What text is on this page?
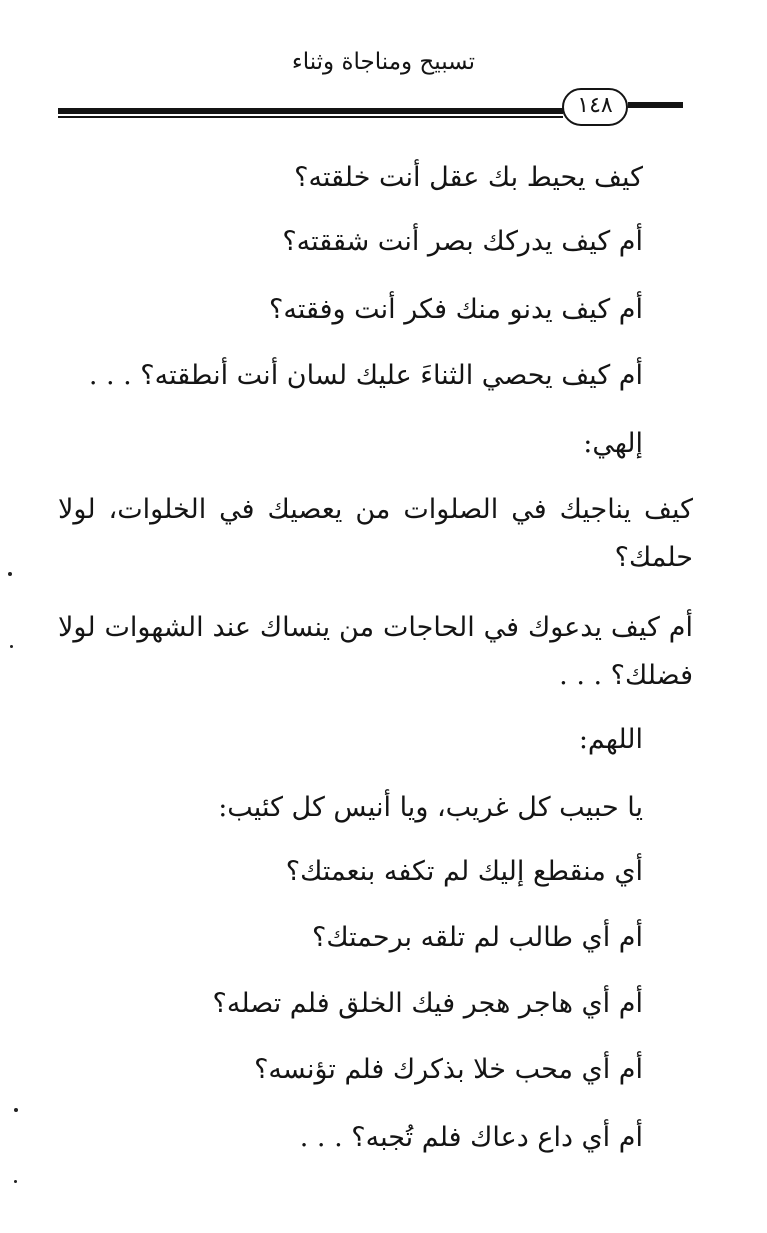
تسبيح ومناجاة وثناء
١٤٨
كيف يحيط بك عقل أنت خلقته؟
أم كيف يدركك بصر أنت شققته؟
أم كيف يدنو منك فكر أنت وفقته؟
أم كيف يحصي الثناءَ عليك لسان أنت أنطقته؟ . . .
إلهي:
كيف يناجيك في الصلوات من يعصيك في الخلوات، لولا
حلمك؟
أم كيف يدعوك في الحاجات من ينساك عند الشهوات لولا
فضلك؟ . . .
اللهم:
يا حبيب كل غريب، ويا أنيس كل كئيب:
أي منقطع إليك لم تكفه بنعمتك؟
أم أي طالب لم تلقه برحمتك؟
أم أي هاجر هجر فيك الخلق فلم تصله؟
أم أي محب خلا بذكرك فلم تؤنسه؟
أم أي داع دعاك فلم تُجبه؟ . . .
